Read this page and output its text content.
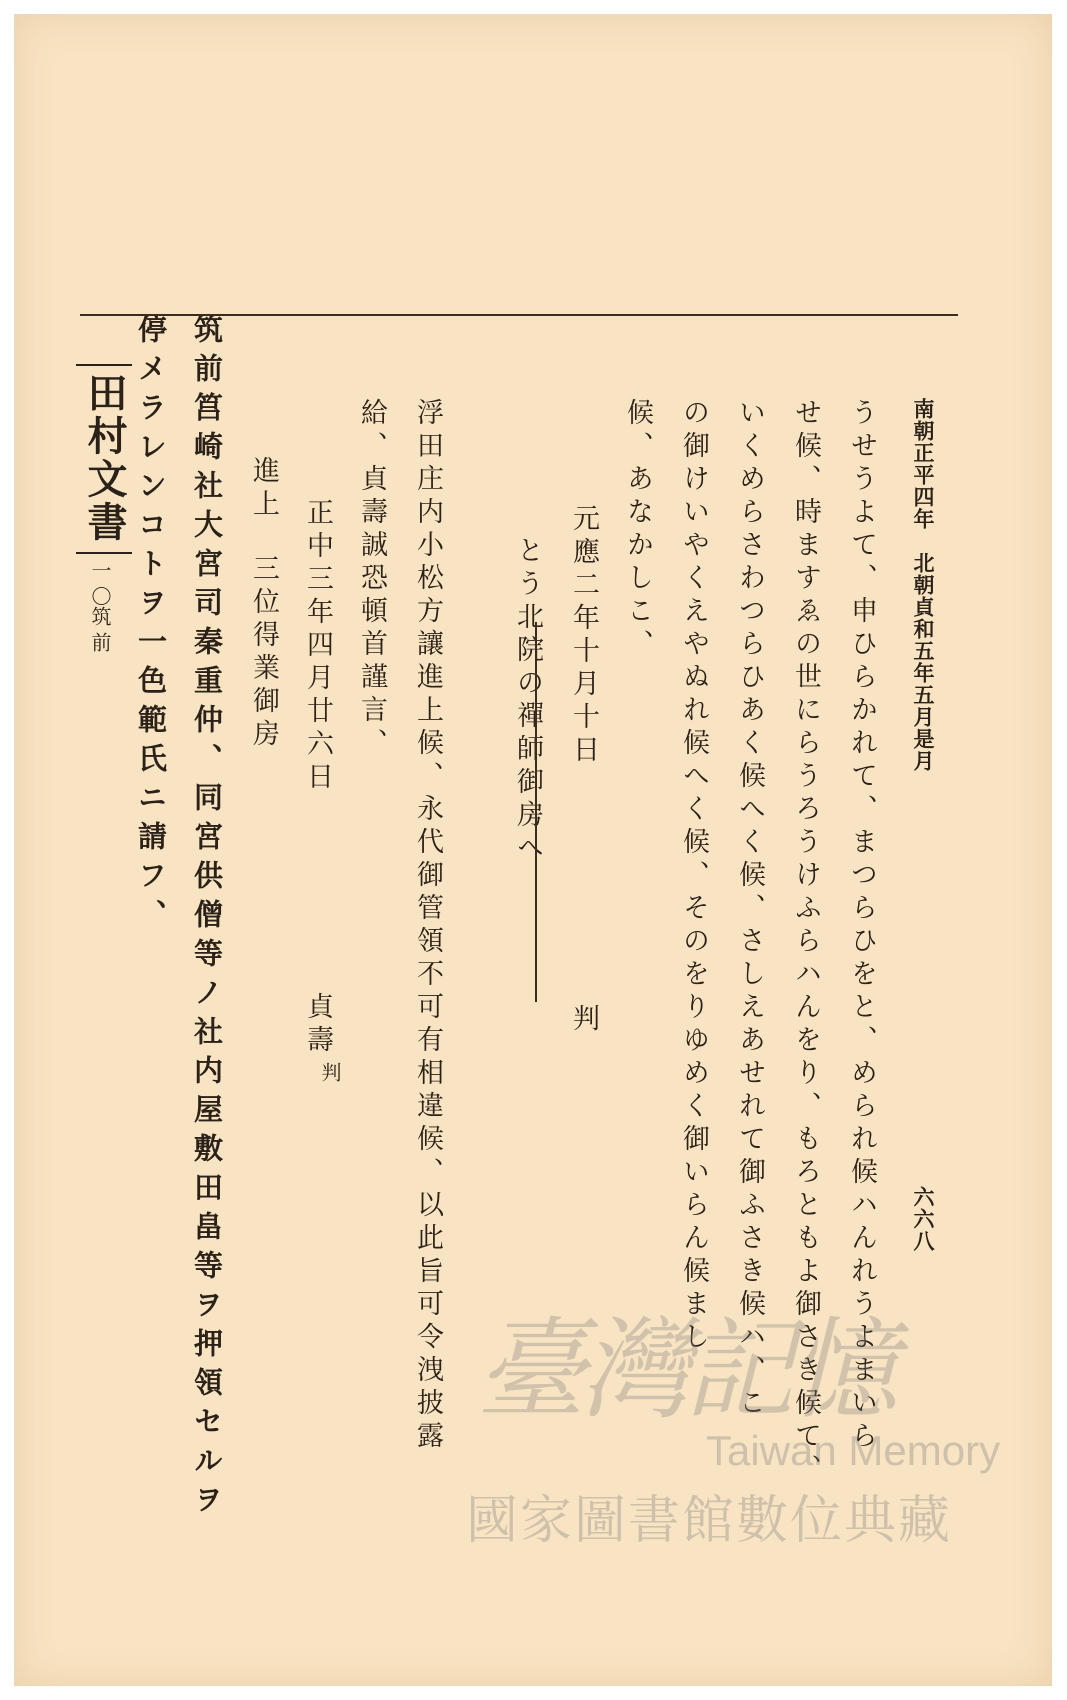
南朝正平四年　北朝貞和五年五月是月
六六八
うせうよて、申ひらかれて、まつらひをと、められ候ハんれうよまいら
せ候、時ますゑの世にらうろうけふらハんをり、もろともよ御さき候て、
いくめらさわつらひあく候へく候、さしえあせれて御ふさき候ハ、こ
の御けいやくえやぬれ候へく候、そのをりゆめく御いらん候まし
候、あなかしこ、
元應二年十月十日
判
とう北院の禪師御房へ
浮田庄内小松方讓進上候、永代御管領不可有相違候、以此旨可令洩披露
給、貞壽誠恐頓首謹言、
正中三年四月廿六日
貞壽
判
進上
三位得業御房
筑前筥崎社大宮司秦重仲、同宮供僧等ノ社内屋敷田畠等ヲ押領セルヲ
停メラレンコトヲ一色範氏ニ請フ、
田村文書
一〇
筑前
臺灣記憶
Taiwan Memory
國家圖書館數位典藏
